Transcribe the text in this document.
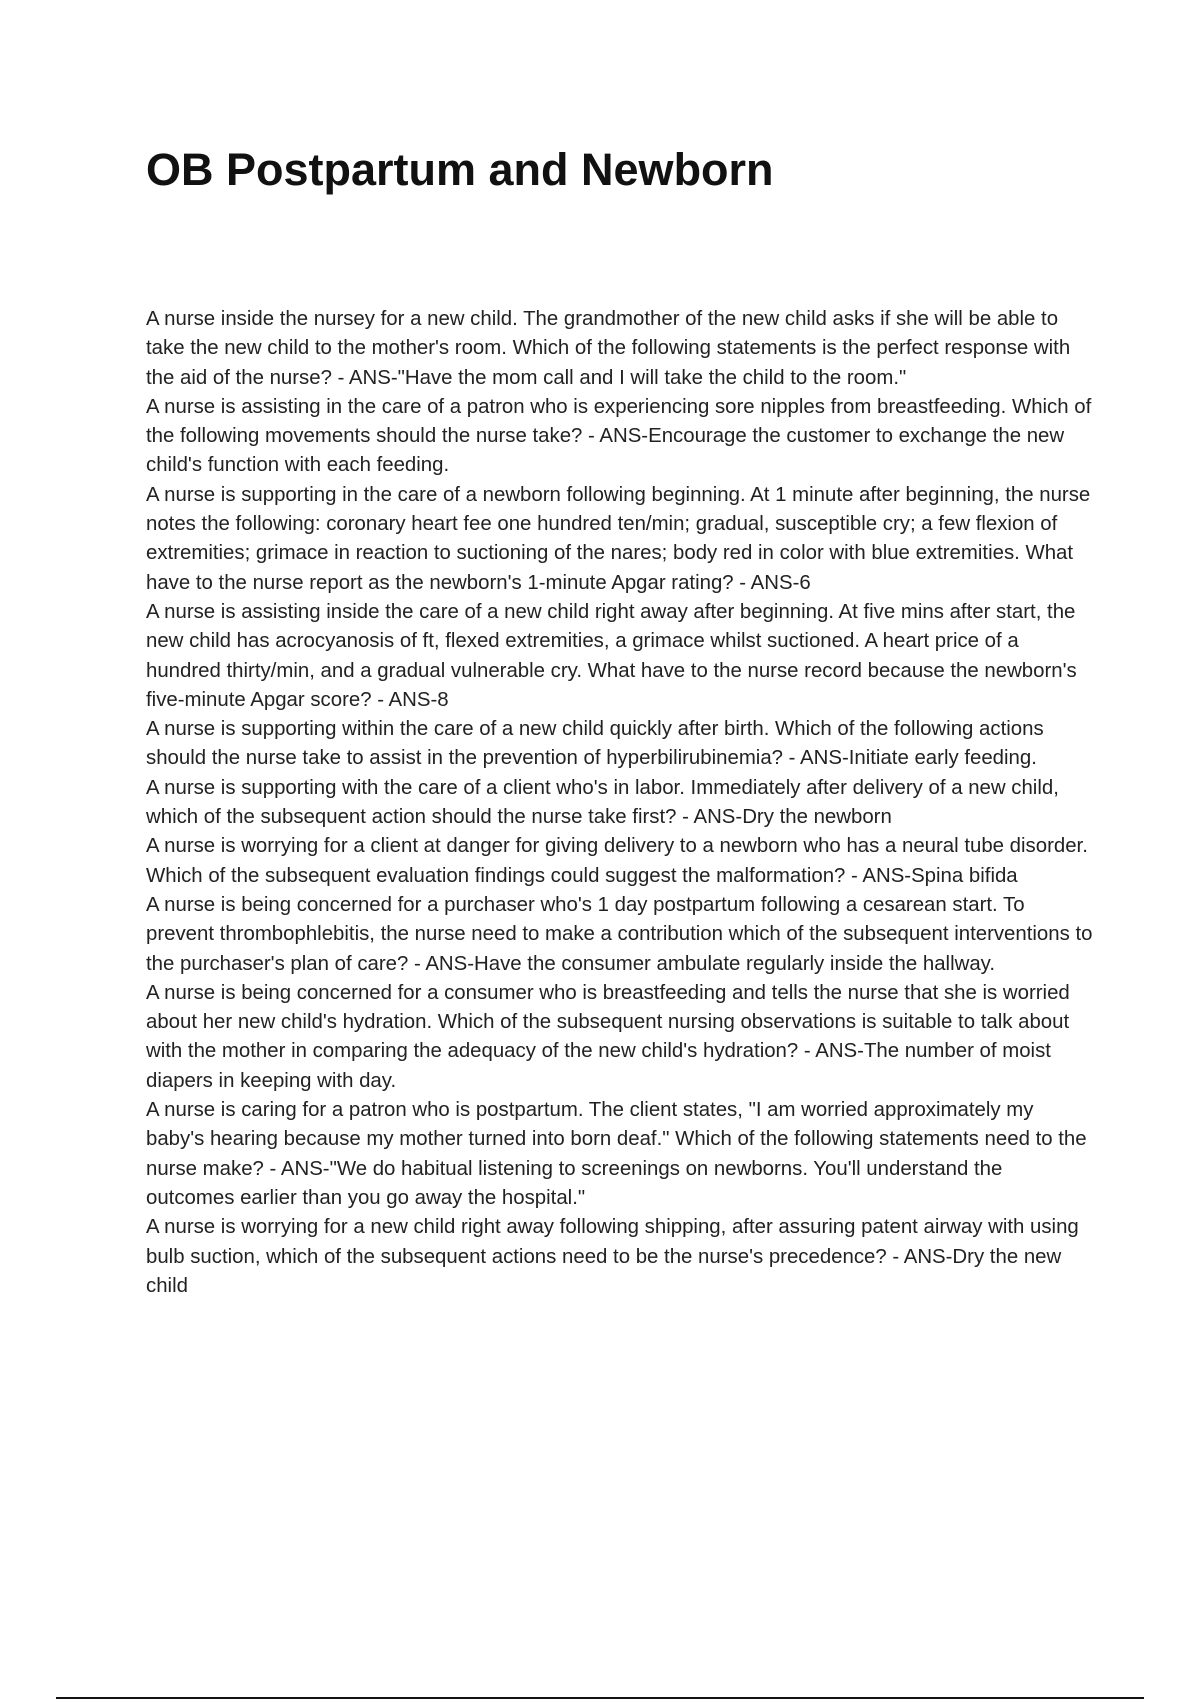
OB Postpartum and Newborn

A nurse inside the nursey for a new child. The grandmother of the new child asks if she will be able to take the new child to the mother's room. Which of the following statements is the perfect response with the aid of the nurse? - ANS-"Have the mom call and I will take the child to the room."

A nurse is assisting in the care of a patron who is experiencing sore nipples from breastfeeding. Which of the following movements should the nurse take? - ANS-Encourage the customer to exchange the new child's function with each feeding.

A nurse is supporting in the care of a newborn following beginning. At 1 minute after beginning, the nurse notes the following: coronary heart fee one hundred ten/min; gradual, susceptible cry; a few flexion of extremities; grimace in reaction to suctioning of the nares; body red in color with blue extremities. What have to the nurse report as the newborn's 1-minute Apgar rating? - ANS-6

A nurse is assisting inside the care of a new child right away after beginning. At five mins after start, the new child has acrocyanosis of ft, flexed extremities, a grimace whilst suctioned. A heart price of a hundred thirty/min, and a gradual vulnerable cry. What have to the nurse record because the newborn's five-minute Apgar score? - ANS-8

A nurse is supporting within the care of a new child quickly after birth. Which of the following actions should the nurse take to assist in the prevention of hyperbilirubinemia? - ANS-Initiate early feeding.

A nurse is supporting with the care of a client who's in labor. Immediately after delivery of a new child, which of the subsequent action should the nurse take first? - ANS-Dry the newborn

A nurse is worrying for a client at danger for giving delivery to a newborn who has a neural tube disorder. Which of the subsequent evaluation findings could suggest the malformation? - ANS-Spina bifida

A nurse is being concerned for a purchaser who's 1 day postpartum following a cesarean start. To prevent thrombophlebitis, the nurse need to make a contribution which of the subsequent interventions to the purchaser's plan of care? - ANS-Have the consumer ambulate regularly inside the hallway.

A nurse is being concerned for a consumer who is breastfeeding and tells the nurse that she is worried about her new child's hydration. Which of the subsequent nursing observations is suitable to talk about with the mother in comparing the adequacy of the new child's hydration? - ANS-The number of moist diapers in keeping with day.

A nurse is caring for a patron who is postpartum. The client states, "I am worried approximately my baby's hearing because my mother turned into born deaf." Which of the following statements need to the nurse make? - ANS-"We do habitual listening to screenings on newborns. You'll understand the outcomes earlier than you go away the hospital."

A nurse is worrying for a new child right away following shipping, after assuring patent airway with using bulb suction, which of the subsequent actions need to be the nurse's precedence? - ANS-Dry the new child
